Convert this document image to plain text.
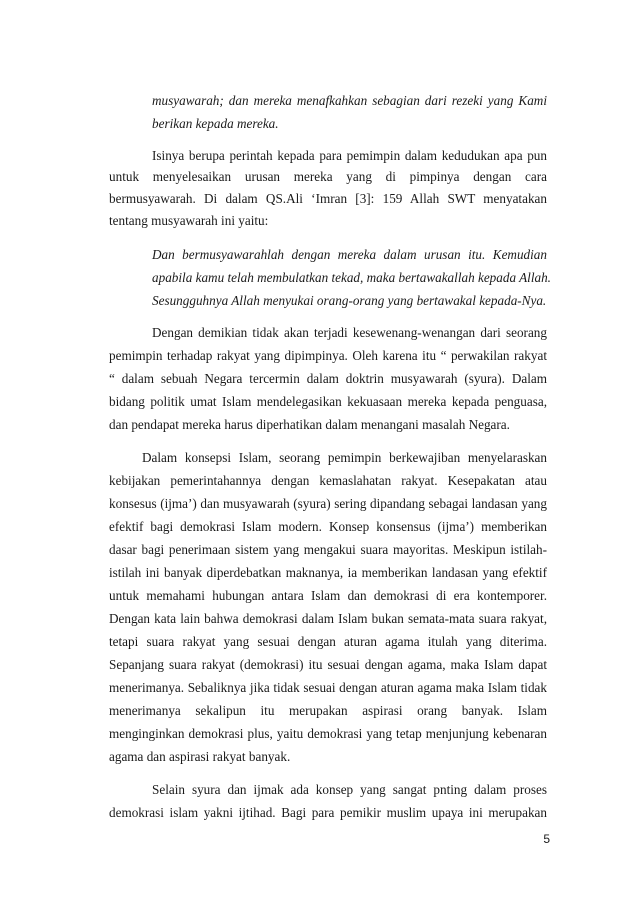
musyawarah; dan mereka menafkahkan sebagian dari rezeki yang Kami
berikan kepada mereka.
Isinya berupa perintah kepada para pemimpin dalam kedudukan apa pun
untuk menyelesaikan urusan mereka yang di pimpinya dengan cara
bermusyawarah. Di dalam QS.Ali ‘Imran [3]: 159 Allah SWT menyatakan
tentang musyawarah ini yaitu:
Dan bermusyawarahlah dengan mereka dalam urusan itu. Kemudian
apabila kamu telah membulatkan tekad, maka bertawakallah kepada Allah.
Sesungguhnya Allah menyukai orang-orang yang bertawakal kepada-Nya.
Dengan demikian tidak akan terjadi kesewenang-wenangan dari seorang
pemimpin terhadap rakyat yang dipimpinya. Oleh karena itu “ perwakilan rakyat
“ dalam sebuah Negara tercermin dalam doktrin musyawarah (syura). Dalam
bidang politik umat Islam mendelegasikan kekuasaan mereka kepada penguasa,
dan pendapat mereka harus diperhatikan dalam menangani masalah Negara.
Dalam konsepsi Islam, seorang pemimpin berkewajiban menyelaraskan
kebijakan pemerintahannya dengan kemaslahatan rakyat. Kesepakatan atau
konsesus (ijma’) dan musyawarah (syura) sering dipandang sebagai landasan yang
efektif bagi demokrasi Islam modern. Konsep konsensus (ijma’) memberikan
dasar bagi penerimaan sistem yang mengakui suara mayoritas. Meskipun istilah-
istilah ini banyak diperdebatkan maknanya, ia memberikan landasan yang efektif
untuk memahami hubungan antara Islam dan demokrasi di era kontemporer.
Dengan kata lain bahwa demokrasi dalam Islam bukan semata-mata suara rakyat,
tetapi suara rakyat yang sesuai dengan aturan agama itulah yang diterima.
Sepanjang suara rakyat (demokrasi) itu sesuai dengan agama, maka Islam dapat
menerimanya. Sebaliknya jika tidak sesuai dengan aturan agama maka Islam tidak
menerimanya sekalipun itu merupakan aspirasi orang banyak. Islam
menginginkan demokrasi plus, yaitu demokrasi yang tetap menjunjung kebenaran
agama dan aspirasi rakyat banyak.
Selain syura dan ijmak ada konsep yang sangat pnting dalam proses
demokrasi islam yakni ijtihad. Bagi para pemikir muslim upaya ini merupakan
5
